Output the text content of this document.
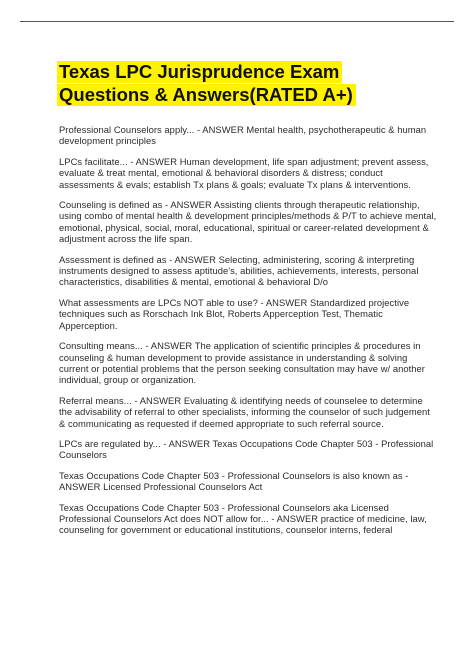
Texas LPC Jurisprudence Exam
Questions & Answers(RATED A+)
Professional Counselors apply... - ANSWER Mental health, psychotherapeutic & human development principles
LPCs facilitate... - ANSWER Human development, life span adjustment; prevent assess, evaluate & treat mental, emotional & behavioral disorders & distress; conduct assessments & evals; establish Tx plans & goals; evaluate Tx plans & interventions.
Counseling is defined as - ANSWER Assisting clients through therapeutic relationship, using combo of mental health & development principles/methods & P/T to achieve mental, emotional, physical, social, moral, educational, spiritual or career-related development & adjustment across the life span.
Assessment is defined as - ANSWER Selecting, administering, scoring & interpreting instruments designed to assess aptitude's, abilities, achievements, interests, personal characteristics, disabilities & mental, emotional & behavioral D/o
What assessments are LPCs NOT able to use? - ANSWER Standardized projective techniques such as Rorschach Ink Blot, Roberts Apperception Test, Thematic Apperception.
Consulting means... - ANSWER The application of scientific principles & procedures in counseling & human development to provide assistance in understanding & solving current or potential problems that the person seeking consultation may have w/ another individual, group or organization.
Referral means... - ANSWER Evaluating & identifying needs of counselee to determine the advisability of referral to other specialists, informing the counselor of such judgement & communicating as requested if deemed appropriate to such referral source.
LPCs are regulated by... - ANSWER Texas Occupations Code Chapter 503 - Professional Counselors
Texas Occupations Code Chapter 503 - Professional Counselors is also known as - ANSWER Licensed Professional Counselors Act
Texas Occupations Code Chapter 503 - Professional Counselors aka Licensed Professional Counselors Act does NOT allow for... - ANSWER practice of medicine, law, counseling for government or educational institutions, counselor interns, federal
